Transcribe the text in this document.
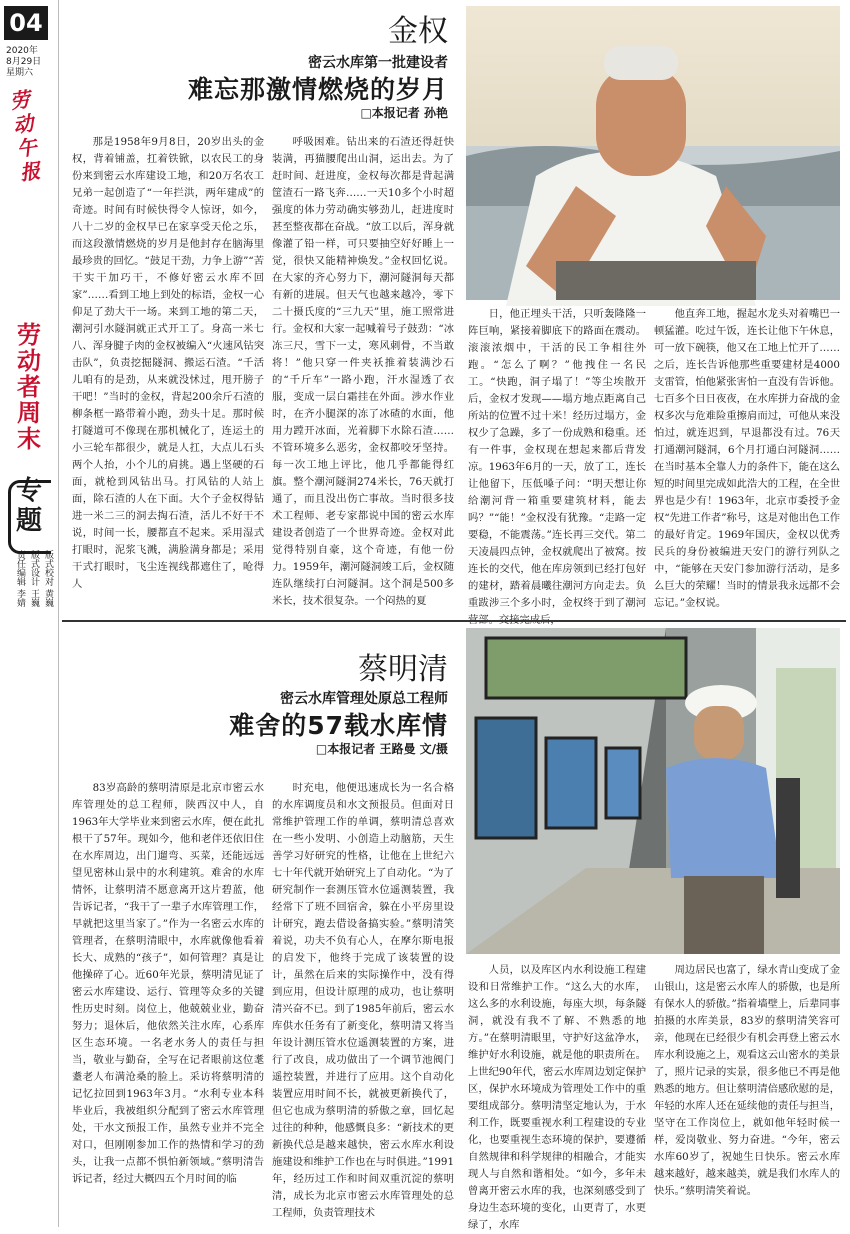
04
2020年
8月29日
星期六
劳动午报
劳动者周末
专题
版式校对 黄巍
版式设计 王巍
责任编辑 李婧
金权
密云水库第一批建设者
难忘那激情燃烧的岁月
□本报记者 孙艳

那是1958年9月8日，20岁出头的金权，背着铺盖，扛着铁锨，以农民工的身份来到密云水库建设工地，和20万名农工兄弟一起创造了“一年拦洪，两年建成”的奇迹。时间有时候快得令人惊讶，如今，八十二岁的金权早已在家享受天伦之乐，而这段激情燃烧的岁月是他封存在脑海里最珍贵的回忆。“鼓足干劲，力争上游”“苦干实干加巧干，不修好密云水库不回家”……看到工地上到处的标语，金权一心仰足了劲大干一场。来到工地的第二天，潮河引水隧洞就正式开工了。身高一米七八、浑身腱子肉的金权被编入“火速风钻突击队”，负责挖掘隧洞、搬运石渣。“千活儿咱有的是劲，从来就没怵过，甩开膀子干吧！”当时的金权，背起200余斤石渣的柳条框一路带着小跑，劲头十足。那时候打隧道可不像现在那机械化了，连运土的小三轮车都很少，就是人扛，大点儿石头两个人抬，小个儿的肩挑。遇上坚硬的石面，就枪到风钻出马。打风钻的人站上面，除石渣的人在下面。大个子金权得钻进一米二三的洞去掏石渣，活儿不好干不说，时间一长，腰都直不起来。采用湿式打眼时，泥浆飞溅，满脸满身都是；采用干式打眼时，飞尘连视线都遮住了，呛得人

呼吸困难。钻出来的石渣还得赶快装满，再猫腰爬出山洞，运出去。为了赶时间、赶进度，金权每次都是背起满筐渣石一路飞奔……一天10多个小时超强度的体力劳动确实够劲儿，赶进度时甚至整夜都在奋战。“放工以后，浑身就像灌了铅一样，可只要抽空好好睡上一觉，很快又能精神焕发。”金权回忆说。在大家的齐心努力下，潮河隧洞每天都有新的进展。但天气也越来越冷，零下二十摄氏度的“三九天”里，施工照常进行。金权和大家一起喊着号子鼓劲：“冰冻三尺，雪下一丈，寒风刺骨，不当敢将！”他只穿一件夹袄推着装满沙石的“千斤车”一路小跑，汗水湿透了衣服，变成一层白霜挂在外面。涉水作业时，在齐小腿深的冻了冰碴的水面，他用力蹚开冰面，光着脚下水除石渣……不管环境多么恶劣，金权都咬牙坚持。每一次工地上评比，他几乎都能得红旗。整个潮河隧洞274米长，76天就打通了，而且没出伤亡事故。当时很多技术工程师、老专家都说中国的密云水库建设者创造了一个世界奇迹。金权对此觉得特别自豪，这个奇迹，有他一份力。1959年，潮河隧洞竣工后，金权随连队继续打白河隧洞。这个洞是500多米长，技术很复杂。一个闷热的夏

日，他正埋头干活，只听轰隆隆一阵巨响，紧接着脚底下的路面在震动。滚滚浓烟中，干活的民工争相往外跑。“怎么了啊？”他拽住一名民工。“快跑，洞子塌了！”等尘埃散开后，金权才发现——塌方地点距离自己所站的位置不过十米！经历过塌方，金权少了急躁，多了一份成熟和稳重。还有一件事，金权现在想起来都后背发凉。1963年6月的一天，放了工，连长让他留下，压低嗓子问：“明天想让你给潮河背一箱重要建筑材料，能去吗？”“能！”金权没有犹豫。“走路一定要稳，不能震荡。”连长再三交代。第二天凌晨四点钟，金权就爬出了被窝。按连长的交代，他在库房领到已经打包好的建材，踏着晨曦往潮河方向走去。负重跋涉三个多小时，金权终于到了潮河

他直奔工地，握起水龙头对着嘴巴一顿猛灌。吃过午饭，连长让他下午休息，可一放下碗筷，他又在工地上忙开了……之后，连长告诉他那些重要建材是4000支雷管，怕他紧张害怕一直没有告诉他。七百多个日日夜夜，在水库拼力奋战的金权多次与危难险重擦肩而过，可他从来没怕过，就连迟到，早退都没有过。76天打通潮河隧洞，6个月打通白河隧洞……在当时基本全靠人力的条件下，能在这么短的时间里完成如此浩大的工程，在全世界也是少有！1963年，北京市委授予金权“先进工作者”称号，这是对他出色工作的最好肯定。1969年国庆，金权以优秀民兵的身份被编进天安门的游行列队之中，“能够在天安门参加游行活动，是多么巨大的荣耀！当时的情景我永远都不会忘记。”金权说。

蔡明清
密云水库管理处原总工程师
难舍的57载水库情
□本报记者 王路曼 文/摄

83岁高龄的蔡明清原是北京市密云水库管理处的总工程师，陕西汉中人，自1963年大学毕业来到密云水库，便在此扎根干了57年。现如今，他和老伴还依旧住在水库周边，出门遛弯、买菜，还能远远望见密林山景中的水利建筑。难舍的水库情怀，让蔡明清不愿意离开这片碧蓝，他告诉记者，“我干了一辈子水库管理工作，早就把这里当家了。”作为一名密云水库的管理者，在蔡明清眼中，水库就像他看着长大、成熟的“孩子”，如何管理？真是让他操碎了心。近60年光景，蔡明清见证了密云水库建设、运行、管理等众多的关键性历史时刻。岗位上，他兢兢业业，勤奋努力；退休后，他依然关注水库，心系库区生态环境。一名老水务人的责任与担当，敬业与勤奋，全写在记者眼前这位耄耋老人布满沧桑的脸上。采访将蔡明清的记忆拉回到1963年3月。“水利专业本科毕业后，我被组织分配到了密云水库管理处，干水文预报工作，虽然专业并不完全对口，但刚刚参加工作的热情和学习的劲头，让我一点都不惧怕新领域。”蔡明清告诉记者，经过大概四五个月时间的临

时充电，他便迅速成长为一名合格的水库调度员和水文预报员。但面对日常维护管理工作的单调，蔡明清总喜欢在一些小发明、小创造上动脑筋，天生善学习好研究的性格，让他在上世纪六七十年代就开始研究上了自动化。“为了研究制作一套测压管水位遥测装置，我经常下了班不回宿舍，躲在小平房里设计研究，跑去借设备搞实验。”蔡明清笑着说，功夫不负有心人，在摩尔斯电报的启发下，他终于完成了该装置的设计，虽然在后来的实际操作中，没有得到应用，但设计原理的成功，也让蔡明清兴奋不已。到了1985年前后，密云水库供水任务有了新变化，蔡明清又将当年设计测压管水位遥测装置的方案，进行了改良，成功做出了一个调节池阀门遥控装置，并进行了应用。这个自动化装置应用时间不长，就被更新换代了，但它也成为蔡明清的骄傲之章，回忆起过往的种种，他感慨良多：“新技术的更新换代总是越来越快，密云水库水利设施建设和维护工作也在与时俱进。”1991年，经历过工作和时间双重沉淀的蔡明清，成长为北京市密云水库管理处的总工程师，负责管理技术

人员，以及库区内水利设施工程建设和日常维护工作。“这么大的水库，这么多的水利设施，每座大坝，每条隧洞，就没有我不了解、不熟悉的地方。”在蔡明清眼里，守护好这盆净水，维护好水利设施，就是他的职责所在。上世纪90年代，密云水库周边划定保护区，保护水环境成为管理处工作中的重要组成部分。蔡明清坚定地认为，于水利工作，既要重视水利工程建设的专业化，也要重视生态环境的保护，要遵循自然规律和科学规律的相融合，才能实现人与自然和谐相处。“如今，多年未曾离开密云水库的我，也深刻感受到了身边生态环境的变化，山更青了，水更绿了，水库

周边居民也富了，绿水青山变成了金山银山，这是密云水库人的骄傲，也是所有保水人的骄傲。”指着墙壁上，后辈同事拍摄的水库美景，83岁的蔡明清笑容可亲，他现在已经很少有机会再登上密云水库水利设施之上，观看这云山密水的美景了，照片记录的实景，很多他已不再是他熟悉的地方。但让蔡明清倍感欣慰的是，年轻的水库人还在延续他的责任与担当，坚守在工作岗位上，就如他年轻时候一样，爱岗敬业、努力奋进。“今年，密云水库60岁了，祝她生日快乐。密云水库越来越好，越来越美，就是我们水库人的快乐。”蔡明清笑着说。
